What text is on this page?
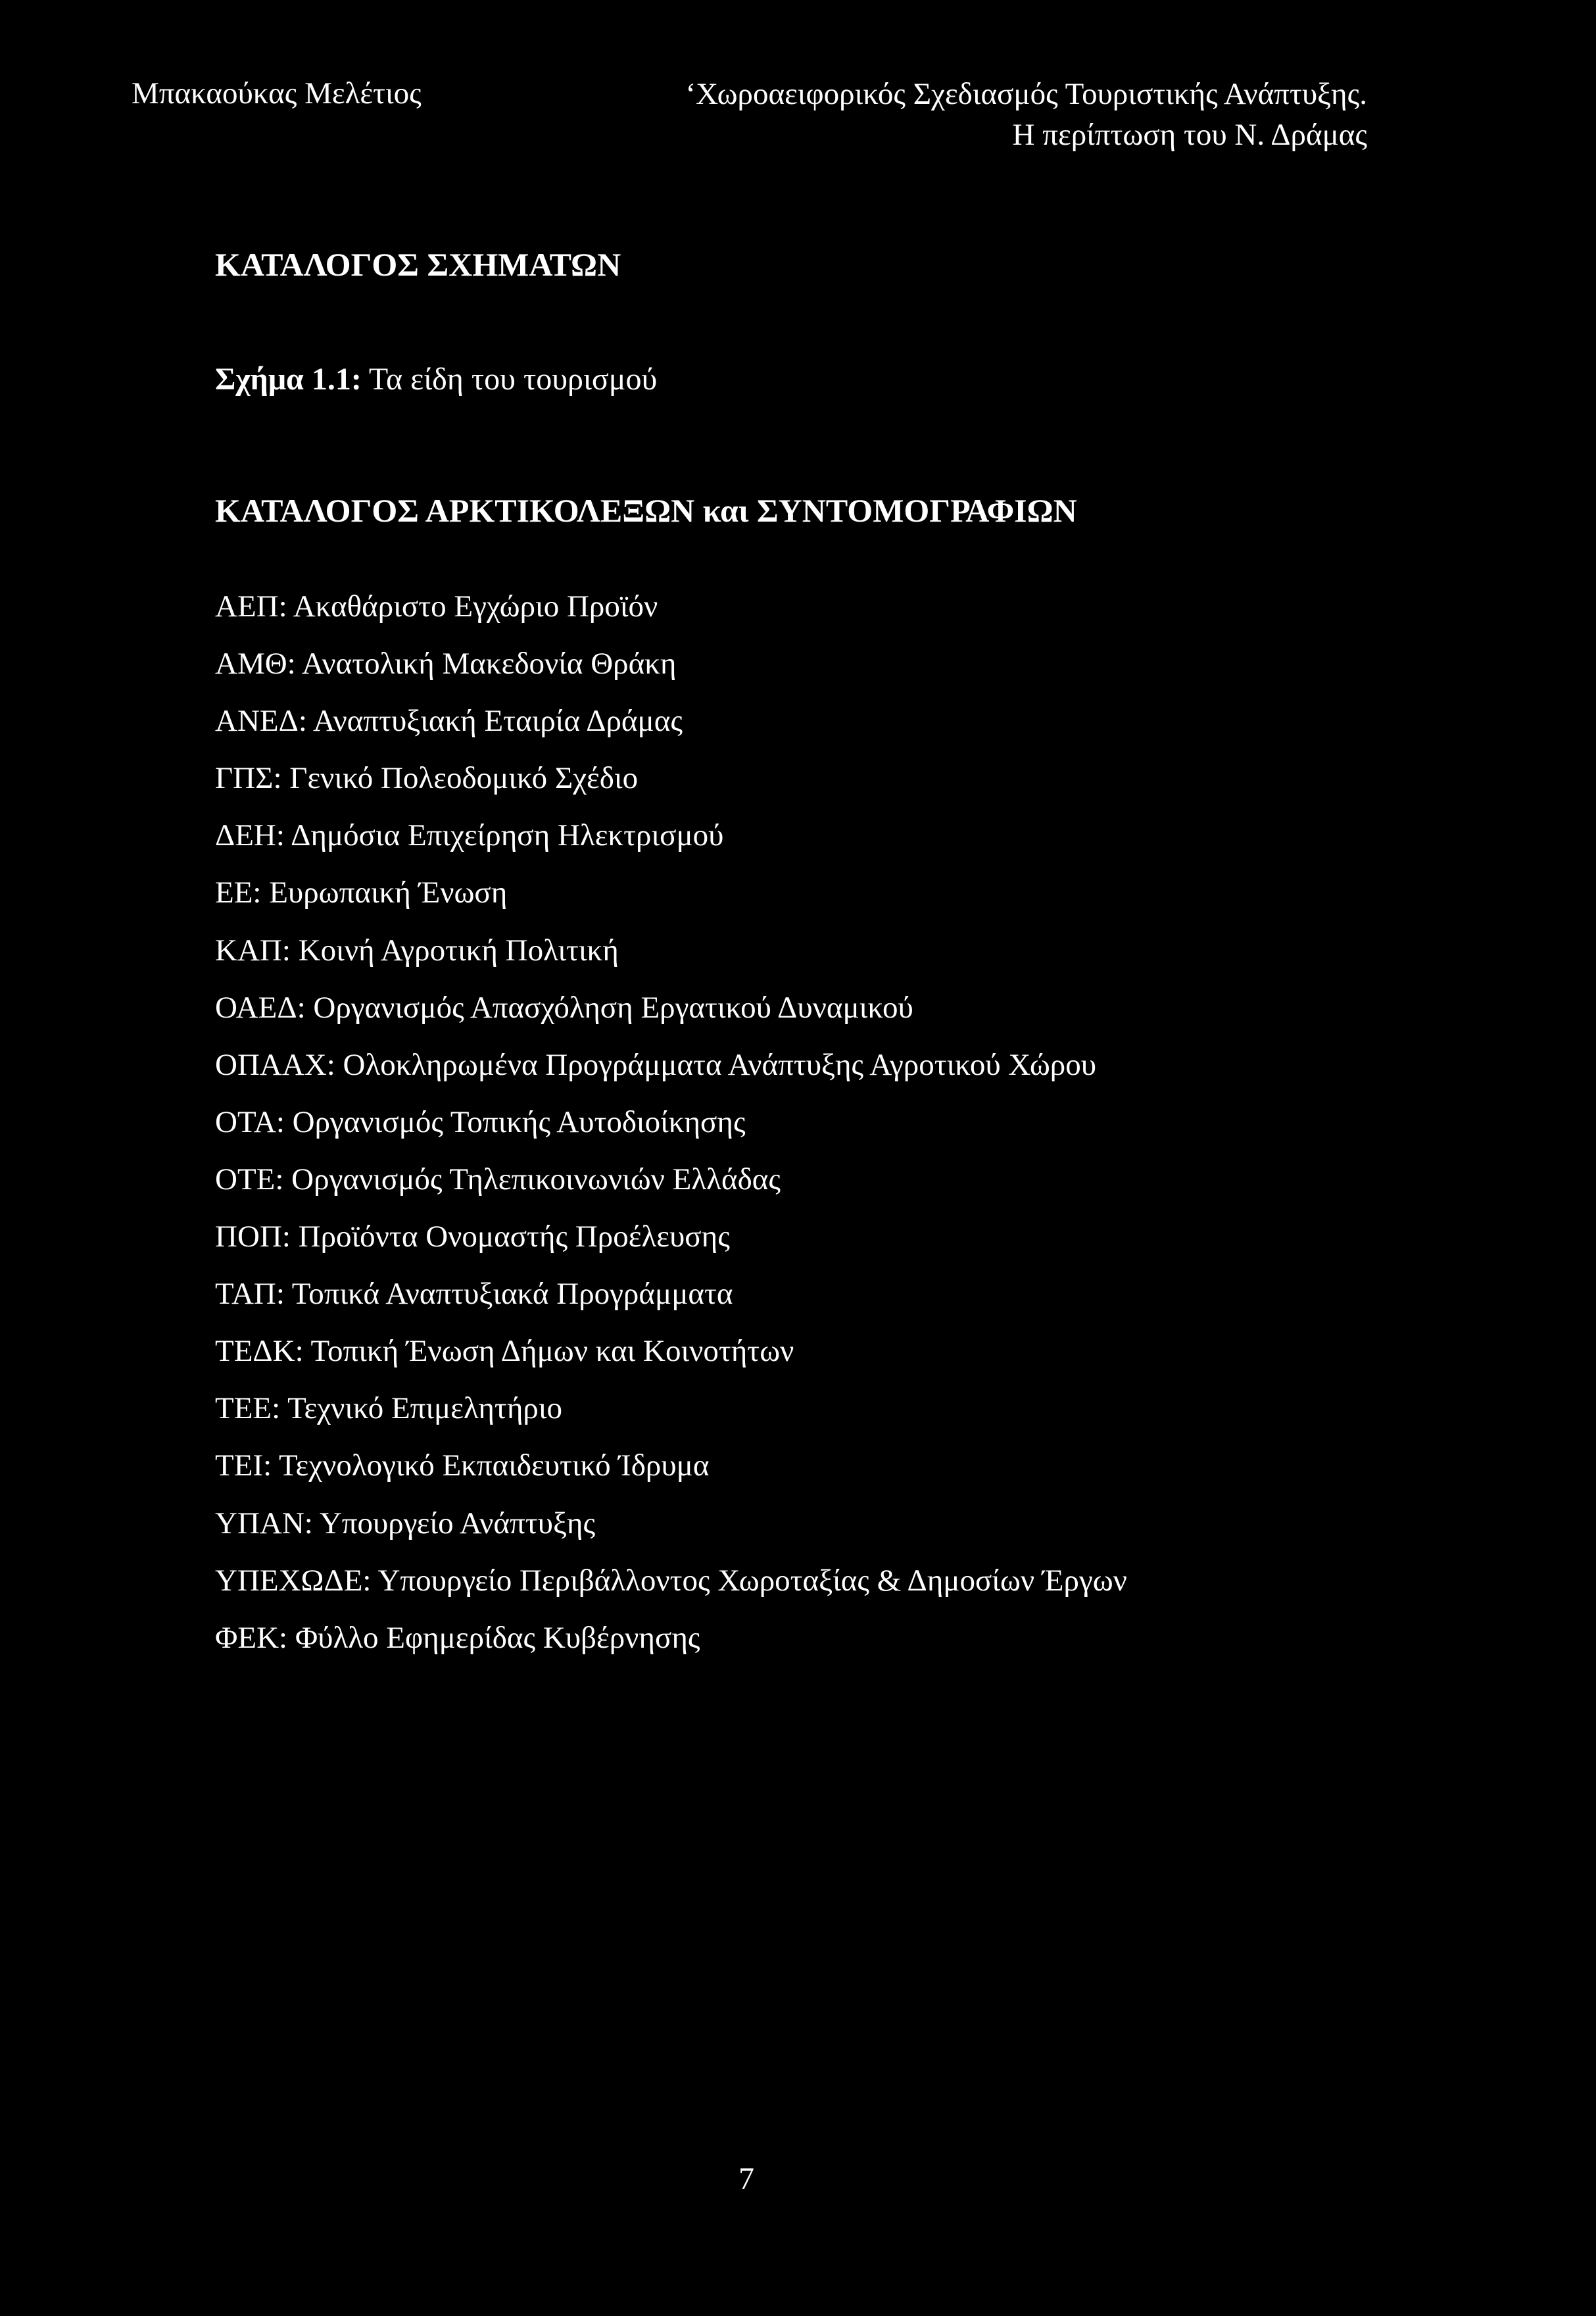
Μπακαούκας Μελέτιος	‘Χωροαειφορικός Σχεδιασμός Τουριστικής Ανάπτυξης.
Η περίπτωση του Ν. Δράμας
ΚΑΤΑΛΟΓΟΣ ΣΧΗΜΑΤΩΝ
Σχήμα 1.1: Τα είδη του τουρισμού
ΚΑΤΑΛΟΓΟΣ ΑΡΚΤΙΚΟΛΕΞΩΝ και ΣΥΝΤΟΜΟΓΡΑΦΙΩΝ
ΑΕΠ: Ακαθάριστο Εγχώριο Προϊόν
ΑΜΘ: Ανατολική Μακεδονία Θράκη
ΑΝΕΔ: Αναπτυξιακή Εταιρία Δράμας
ΓΠΣ: Γενικό Πολεοδομικό Σχέδιο
ΔΕΗ: Δημόσια Επιχείρηση Ηλεκτρισμού
ΕΕ: Ευρωπαική Ένωση
ΚΑΠ: Κοινή Αγροτική Πολιτική
ΟΑΕΔ: Οργανισμός Απασχόληση Εργατικού Δυναμικού
ΟΠΑΑΧ: Ολοκληρωμένα Προγράμματα Ανάπτυξης Αγροτικού Χώρου
ΟΤΑ: Οργανισμός Τοπικής Αυτοδιοίκησης
ΟΤΕ: Οργανισμός Τηλεπικοινωνιών Ελλάδας
ΠΟΠ: Προϊόντα Ονομαστής Προέλευσης
ΤΑΠ: Τοπικά Αναπτυξιακά Προγράμματα
ΤΕΔΚ: Τοπική Ένωση Δήμων και Κοινοτήτων
ΤΕΕ: Τεχνικό Επιμελητήριο
ΤΕΙ: Τεχνολογικό Εκπαιδευτικό Ίδρυμα
ΥΠΑΝ: Υπουργείο Ανάπτυξης
ΥΠΕΧΩΔΕ: Υπουργείο Περιβάλλοντος Χωροταξίας & Δημοσίων Έργων
ΦΕΚ: Φύλλο Εφημερίδας Κυβέρνησης
7
